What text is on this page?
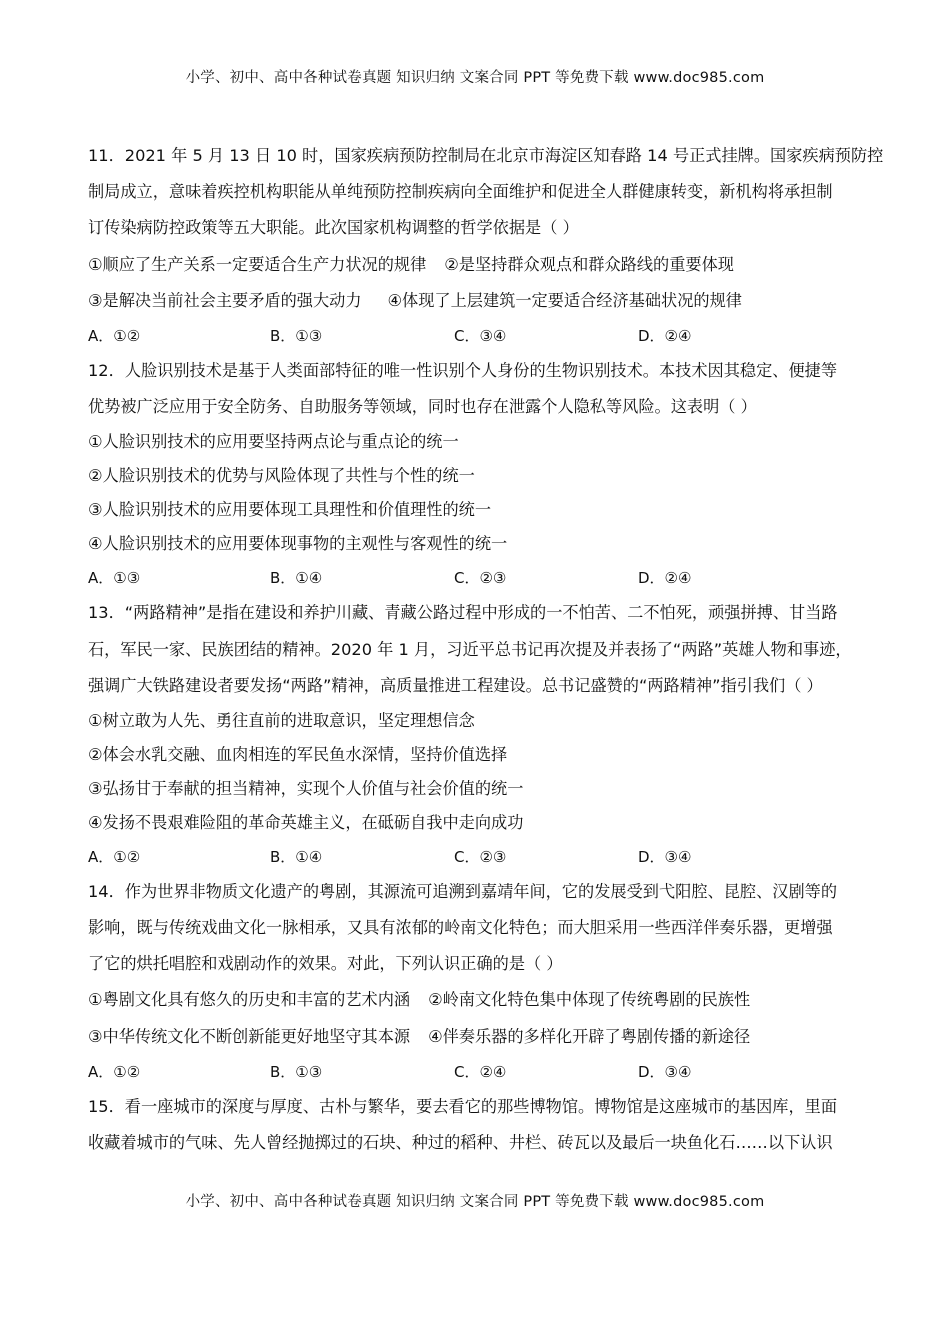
小学、初中、高中各种试卷真题 知识归纳 文案合同 PPT 等免费下载 www.doc985.com
11．2021 年 5 月 13 日 10 时，国家疾病预防控制局在北京市海淀区知春路 14 号正式挂牌。国家疾病预防控
制局成立，意味着疾控机构职能从单纯预防控制疾病向全面维护和促进全人群健康转变，新机构将承担制
订传染病防控政策等五大职能。此次国家机构调整的哲学依据是（ ）
①顺应了生产关系一定要适合生产力状况的规律 ②是坚持群众观点和群众路线的重要体现
③是解决当前社会主要矛盾的强大动力 ④体现了上层建筑一定要适合经济基础状况的规律
A．①②	B．①③	C．③④	D．②④
12．人脸识别技术是基于人类面部特征的唯一性识别个人身份的生物识别技术。本技术因其稳定、便捷等
优势被广泛应用于安全防务、自助服务等领域，同时也存在泄露个人隐私等风险。这表明（ ）
①人脸识别技术的应用要坚持两点论与重点论的统一
②人脸识别技术的优势与风险体现了共性与个性的统一
③人脸识别技术的应用要体现工具理性和价值理性的统一
④人脸识别技术的应用要体现事物的主观性与客观性的统一
A．①③	B．①④	C．②③	D．②④
13．“两路精神”是指在建设和养护川藏、青藏公路过程中形成的一不怕苦、二不怕死，顽强拼搏、甘当路
石，军民一家、民族团结的精神。2020 年 1 月，习近平总书记再次提及并表扬了“两路”英雄人物和事迹，
强调广大铁路建设者要发扬“两路”精神，高质量推进工程建设。总书记盛赞的“两路精神”指引我们（ ）
①树立敢为人先、勇往直前的进取意识，坚定理想信念
②体会水乳交融、血肉相连的军民鱼水深情，坚持价值选择
③弘扬甘于奉献的担当精神，实现个人价值与社会价值的统一
④发扬不畏艰难险阻的革命英雄主义，在砥砺自我中走向成功
A．①②	B．①④	C．②③	D．③④
14．作为世界非物质文化遗产的粤剧，其源流可追溯到嘉靖年间，它的发展受到弋阳腔、昆腔、汉剧等的
影响，既与传统戏曲文化一脉相承，又具有浓郁的岭南文化特色；而大胆采用一些西洋伴奏乐器，更增强
了它的烘托唱腔和戏剧动作的效果。对此，下列认识正确的是（ ）
①粤剧文化具有悠久的历史和丰富的艺术内涵 ②岭南文化特色集中体现了传统粤剧的民族性
③中华传统文化不断创新能更好地坚守其本源 ④伴奏乐器的多样化开辟了粤剧传播的新途径
A．①②	B．①③	C．②④	D．③④
15．看一座城市的深度与厚度、古朴与繁华，要去看它的那些博物馆。博物馆是这座城市的基因库，里面
收藏着城市的气味、先人曾经抛掷过的石块、种过的稻种、井栏、砖瓦以及最后一块鱼化石……以下认识
小学、初中、高中各种试卷真题 知识归纳 文案合同 PPT 等免费下载 www.doc985.com
